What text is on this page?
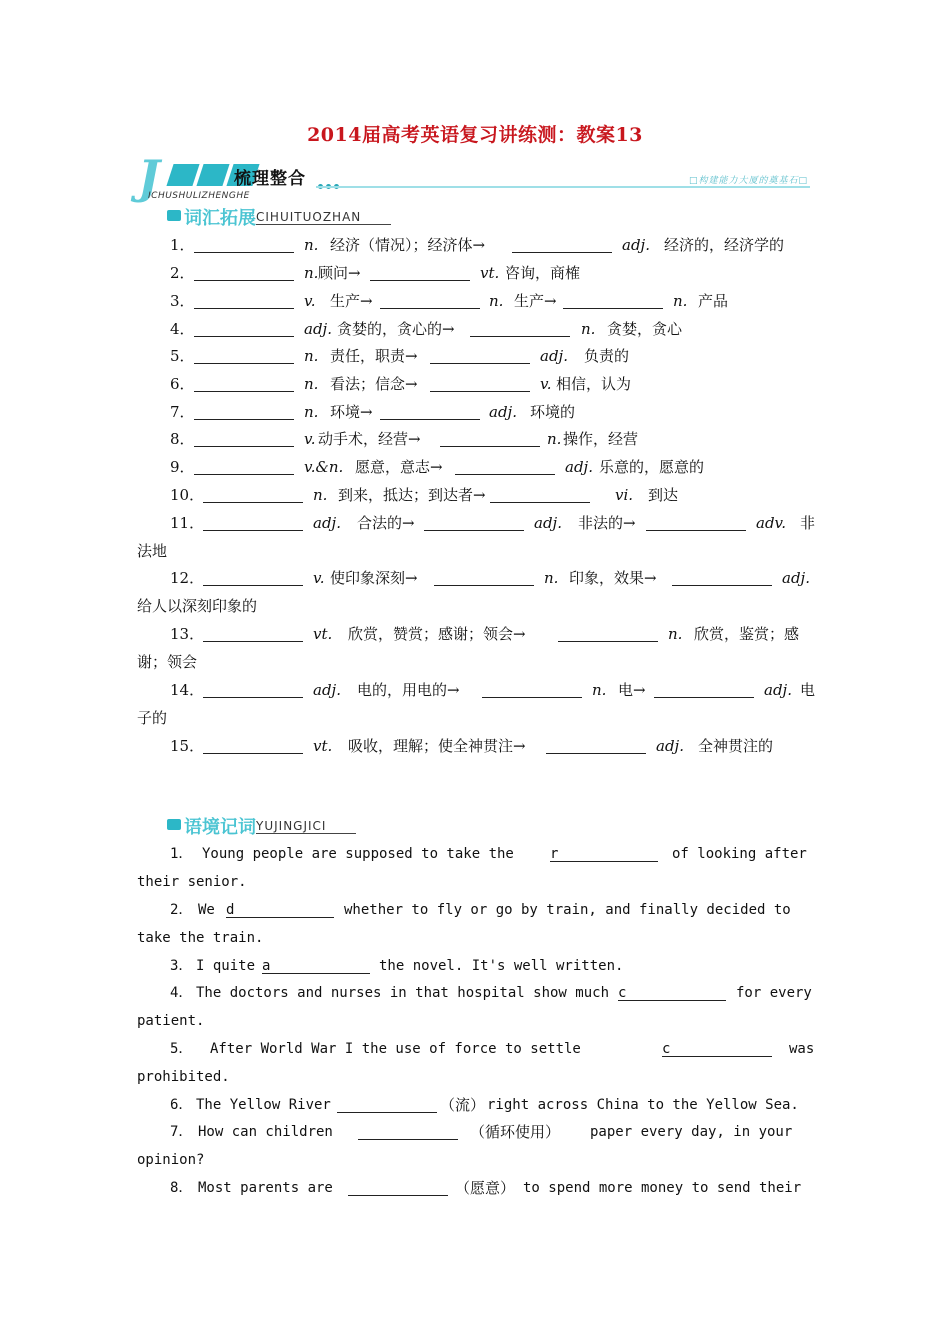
2014届高考英语复习讲练测：教案13
J	梳理整合
ICHUSHULIZHENGHE
□构建能力大厦的奠基石□
词汇拓展CIHUITUOZHAN
1．	n. 经济（情况）；经济体→	adj. 经济的，经济学的
2．	n. 顾问→	vt. 咨询，商榷
3．	v. 生产→	n. 生产→	n. 产品
4．	adj. 贪婪的，贪心的→	n. 贪婪，贪心
5．	n. 责任，职责→	adj. 负责的
6．	n. 看法；信念→	v. 相信，认为
7．	n. 环境→	adj. 环境的
8．	v. 动手术，经营→	n. 操作，经营
9．	v.&n. 愿意，意志→	adj. 乐意的，愿意的
10．	n. 到来，抵达；到达者→	vi. 到达
11．	adj. 合法的→	adj. 非法的→	adv. 非
法地
12．	v. 使印象深刻→	n. 印象，效果→	adj.
给人以深刻印象的
13．	vt. 欣赏，赞赏；感谢；领会→	n. 欣赏，鉴赏；感
谢；领会
14．	adj. 电的，用电的→	n. 电→	adj. 电
子的
15．	vt. 吸收，理解；使全神贯注→	adj. 全神贯注的
语境记词YUJINGJICI
1． Young people are supposed to take the	r	of looking after
their senior.
2． We d	whether to fly or go by train, and finally decided to
take the train.
3． I quite a	the novel. It's well written.
4． The doctors and nurses in that hospital show much c	for every
patient.
5． After World War I the use of force to settle	c	was
prohibited.
6． The Yellow River	（流） right across China to the Yellow Sea.
7． How can children	（循环使用） paper every day, in your
opinion?
8． Most parents are	（愿意） to spend more money to send their
